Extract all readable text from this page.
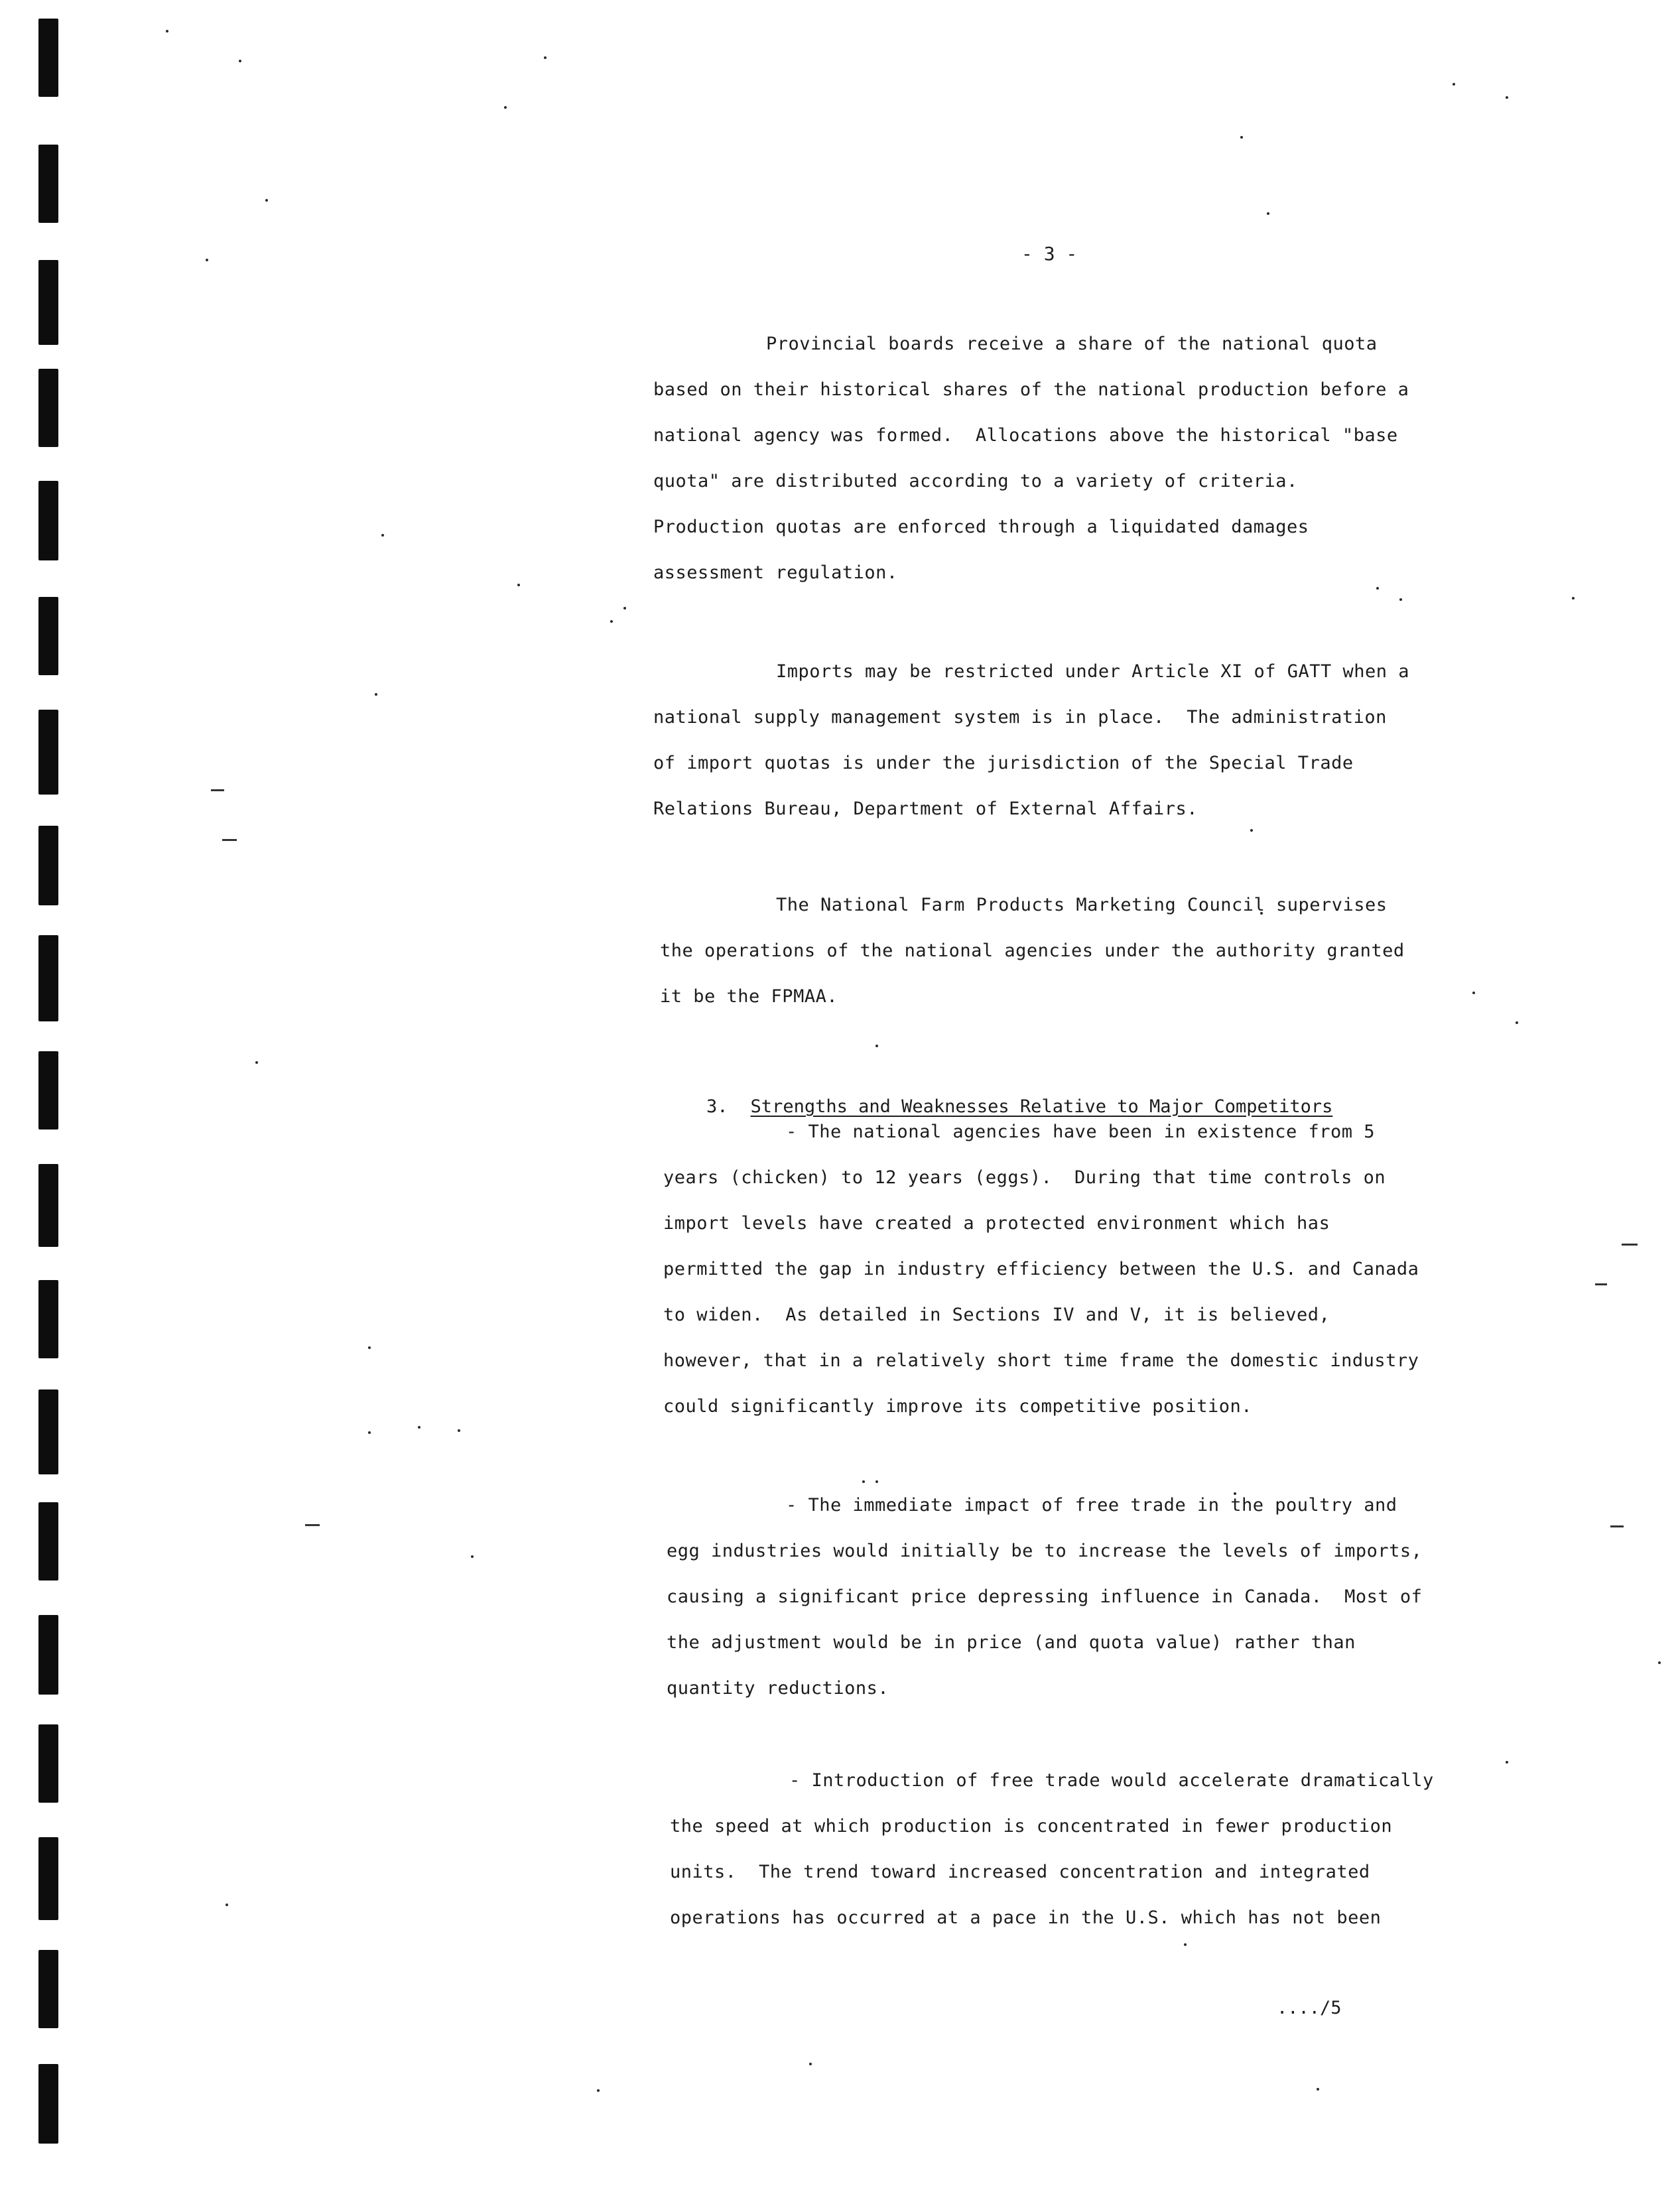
- 3 -
Provincial boards receive a share of the national quota
based on their historical shares of the national production before a
national agency was formed.  Allocations above the historical "base
quota" are distributed according to a variety of criteria.
Production quotas are enforced through a liquidated damages
assessment regulation.
Imports may be restricted under Article XI of GATT when a
national supply management system is in place.  The administration
of import quotas is under the jurisdiction of the Special Trade
Relations Bureau, Department of External Affairs.
The National Farm Products Marketing Council supervises
the operations of the national agencies under the authority granted
it be the FPMAA.

3. Strengths and Weaknesses Relative to Major Competitors

- The national agencies have been in existence from 5
years (chicken) to 12 years (eggs).  During that time controls on
import levels have created a protected environment which has
permitted the gap in industry efficiency between the U.S. and Canada
to widen.  As detailed in Sections IV and V, it is believed,
however, that in a relatively short time frame the domestic industry
could significantly improve its competitive position.
- The immediate impact of free trade in the poultry and
egg industries would initially be to increase the levels of imports,
causing a significant price depressing influence in Canada.  Most of
the adjustment would be in price (and quota value) rather than
quantity reductions.
- Introduction of free trade would accelerate dramatically
the speed at which production is concentrated in fewer production
units.  The trend toward increased concentration and integrated
operations has occurred at a pace in the U.S. which has not been
..../5
